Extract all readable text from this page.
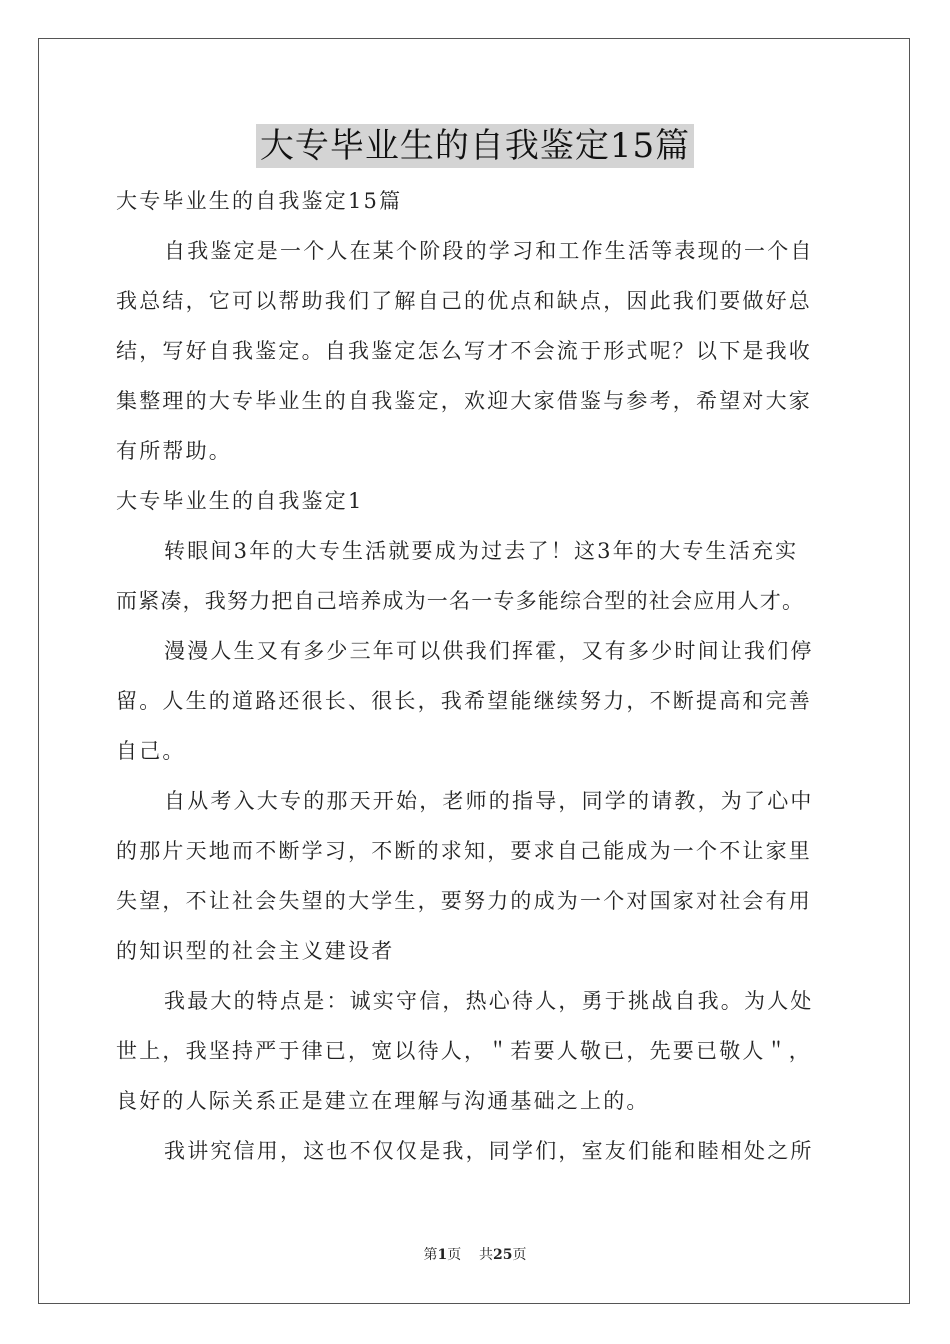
大专毕业生的自我鉴定15篇
大专毕业生的自我鉴定15篇
自我鉴定是一个人在某个阶段的学习和工作生活等表现的一个自
我总结，它可以帮助我们了解自己的优点和缺点，因此我们要做好总
结，写好自我鉴定。自我鉴定怎么写才不会流于形式呢？以下是我收
集整理的大专毕业生的自我鉴定，欢迎大家借鉴与参考，希望对大家
有所帮助。
大专毕业生的自我鉴定1
转眼间3年的大专生活就要成为过去了！这3年的大专生活充实
而紧凑，我努力把自己培养成为一名一专多能综合型的社会应用人才。
漫漫人生又有多少三年可以供我们挥霍，又有多少时间让我们停
留。人生的道路还很长、很长，我希望能继续努力，不断提高和完善
自己。
自从考入大专的那天开始，老师的指导，同学的请教，为了心中
的那片天地而不断学习，不断的求知，要求自己能成为一个不让家里
失望，不让社会失望的大学生，要努力的成为一个对国家对社会有用
的知识型的社会主义建设者
我最大的特点是：诚实守信，热心待人，勇于挑战自我。为人处
世上，我坚持严于律已，宽以待人，＂若要人敬已，先要已敬人＂，
良好的人际关系正是建立在理解与沟通基础之上的。
我讲究信用，这也不仅仅是我，同学们，室友们能和睦相处之所
第1页 共25页
